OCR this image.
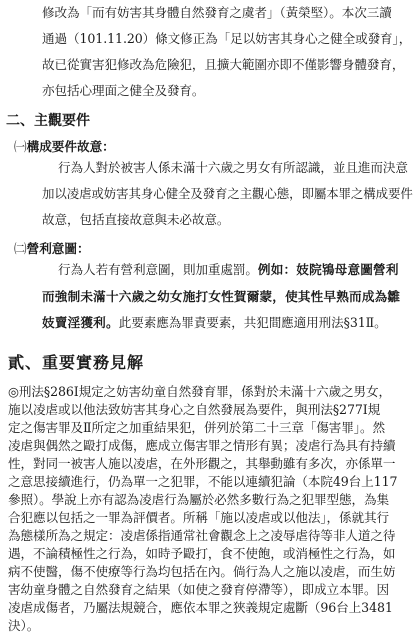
修改為「而有妨害其身體自然發育之虞者」（黃榮堅）。本次三讀
通過（101.11.20）條文修正為「足以妨害其身心之健全或發育」，
故已從實害犯修改為危險犯，且擴大範圍亦即不僅影響身體發育，
亦包括心理面之健全及發育。
二、主觀要件
㈠構成要件故意：
行為人對於被害人係未滿十六歲之男女有所認識，並且進而決意
加以凌虐或妨害其身心健全及發育之主觀心態，即屬本罪之構成要件
故意，包括直接故意與未必故意。
㈡營利意圖：
行為人若有營利意圖，則加重處罰。例如：妓院鴇母意圖營利
而強制未滿十六歲之幼女施打女性賀爾蒙，使其性早熟而成為雛
妓賣淫獲利。此要素應為罪責要素，共犯間應適用刑法§31Ⅱ。
貳、重要實務見解
◎刑法§286Ⅰ規定之妨害幼童自然發育罪，係對於未滿十六歲之男女，
施以凌虐或以他法致妨害其身心之自然發展為要件，與刑法§277Ⅰ規
定之傷害罪及Ⅱ所定之加重結果犯，併列於第二十三章「傷害罪」。然
凌虐與偶然之毆打成傷，應成立傷害罪之情形有異；凌虐行為具有持續
性，對同一被害人施以凌虐，在外形觀之，其舉動雖有多次，亦係單一
之意思接續進行，仍為單一之犯罪，不能以連續犯論（本院49台上117
參照）。學說上亦有認為凌虐行為屬於必然多數行為之犯罪型態，為集
合犯應以包括之一罪為評價者。所稱「施以凌虐或以他法」，係就其行
為態樣所為之規定：凌虐係指通常社會觀念上之凌辱虐待等非人道之待
遇，不論積極性之行為，如時予毆打，食不使飽，或消極性之行為，如
病不使醫，傷不使療等行為均包括在內。倘行為人之施以凌虐，而生妨
害幼童身體之自然發育之結果（如使之發育停滯等），即成立本罪。因
凌虐成傷者，乃屬法規競合，應依本罪之狹義規定處斷（96台上3481
決）。
